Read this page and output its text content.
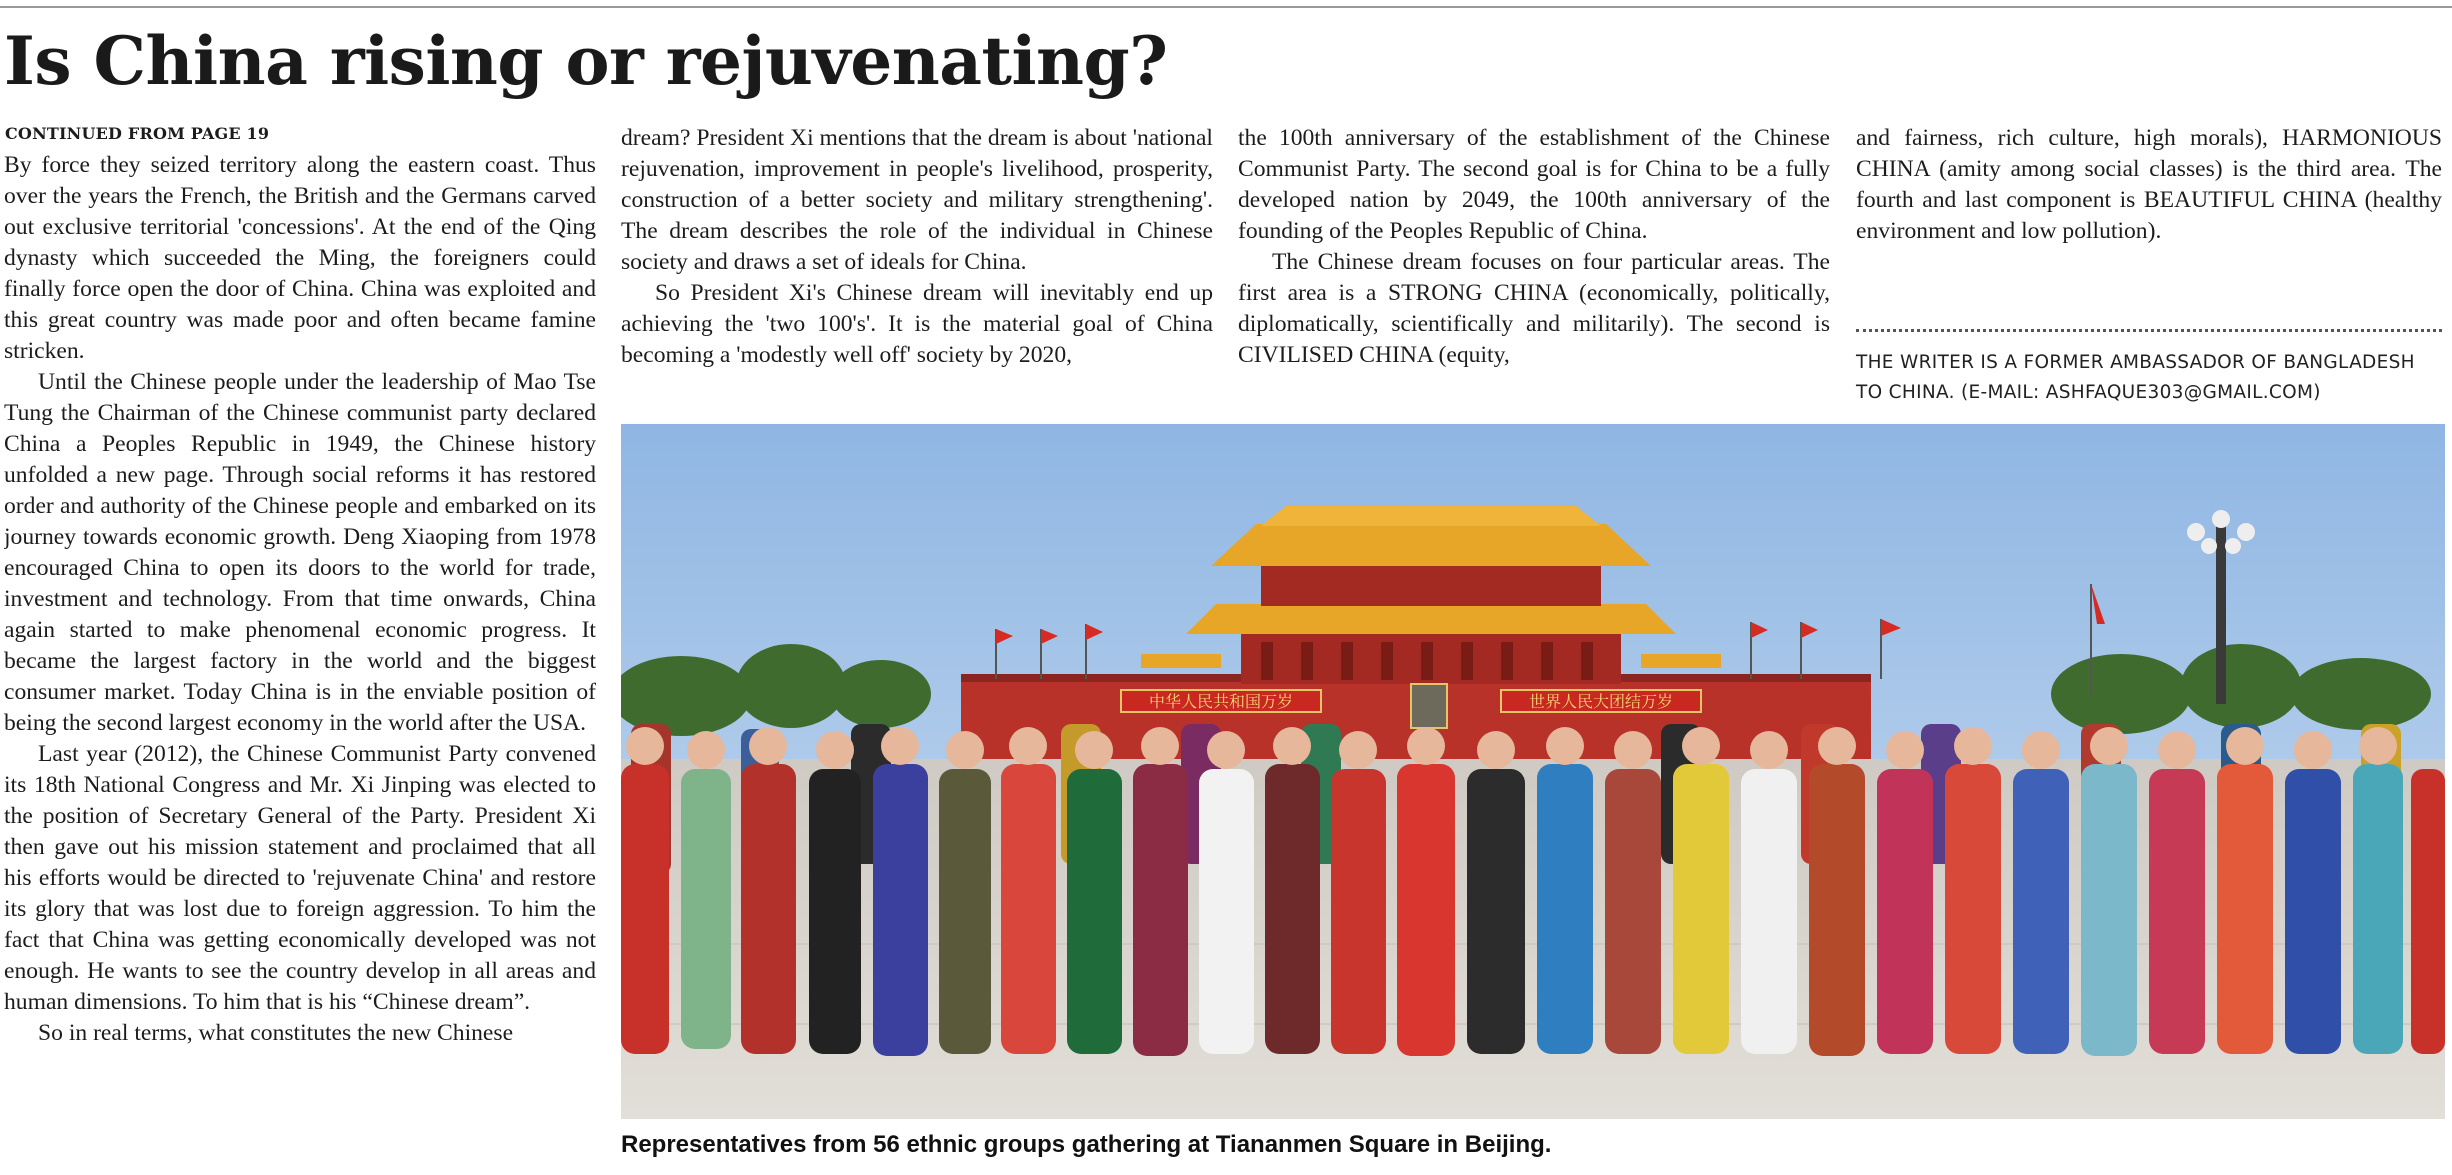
Is China rising or rejuvenating?
CONTINUED FROM PAGE 19

By force they seized territory along the eastern coast. Thus over the years the French, the British and the Germans carved out exclusive territorial 'concessions'. At the end of the Qing dynasty which succeeded the Ming, the foreigners could finally force open the door of China. China was exploited and this great country was made poor and often became famine stricken.

Until the Chinese people under the leadership of Mao Tse Tung the Chairman of the Chinese communist party declared China a Peoples Republic in 1949, the Chinese history unfolded a new page. Through social reforms it has restored order and authority of the Chinese people and embarked on its journey towards economic growth. Deng Xiaoping from 1978 encouraged China to open its doors to the world for trade, investment and technology. From that time onwards, China again started to make phenomenal economic progress. It became the largest factory in the world and the biggest consumer market. Today China is in the enviable position of being the second largest economy in the world after the USA.

Last year (2012), the Chinese Communist Party convened its 18th National Congress and Mr. Xi Jinping was elected to the position of Secretary General of the Party. President Xi then gave out his mission statement and proclaimed that all his efforts would be directed to 'rejuvenate China' and restore its glory that was lost due to foreign aggression. To him the fact that China was getting economically developed was not enough. He wants to see the country develop in all areas and human dimensions. To him that is his “Chinese dream”.

So in real terms, what constitutes the new Chinese

dream? President Xi mentions that the dream is about 'national rejuvenation, improvement in people's livelihood, prosperity, construction of a better society and military strengthening'. The dream describes the role of the individual in Chinese society and draws a set of ideals for China.

So President Xi's Chinese dream will inevitably end up achieving the 'two 100's'. It is the material goal of China becoming a 'modestly well off' society by 2020,

the 100th anniversary of the establishment of the Chinese Communist Party. The second goal is for China to be a fully developed nation by 2049, the 100th anniversary of the founding of the Peoples Republic of China.

The Chinese dream focuses on four particular areas. The first area is a STRONG CHINA (economically, politically, diplomatically, scientifically and militarily). The second is CIVILISED CHINA (equity,

and fairness, rich culture, high morals), HARMONIOUS CHINA (amity among social classes) is the third area. The fourth and last component is BEAUTIFUL CHINA (healthy environment and low pollution).

THE WRITER IS A FORMER AMBASSADOR OF BANGLADESH TO CHINA. (E-MAIL: ASHFAQUE303@GMAIL.COM)
中华人民共和国万岁	世界人民大团结万岁
Representatives from 56 ethnic groups gathering at Tiananmen Square in Beijing.
